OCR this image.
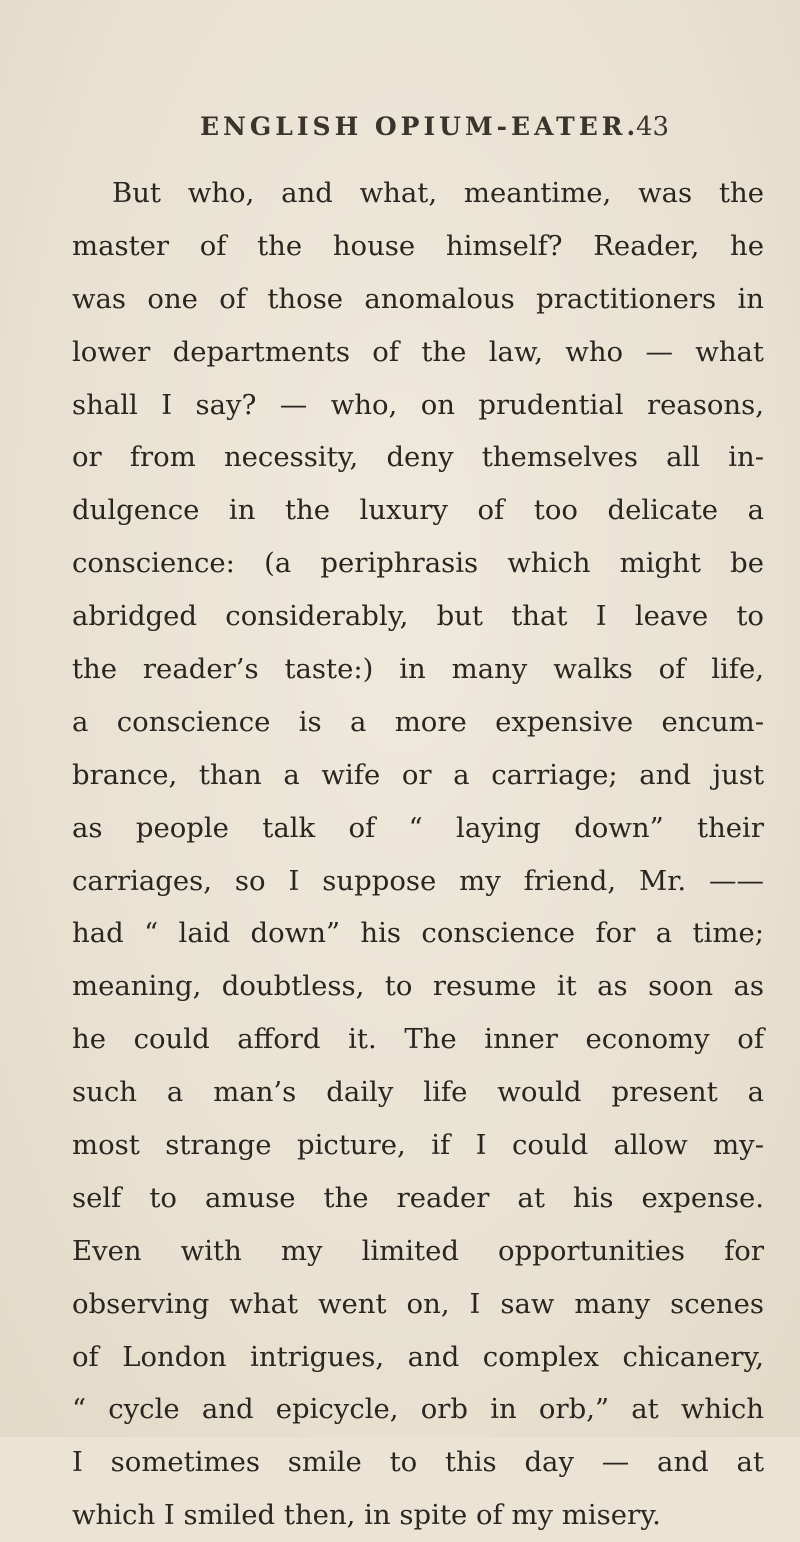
ENGLISH OPIUM-EATER.
43
But who, and what, meantime, was the
master of the house himself? Reader, he
was one of those anomalous practitioners in
lower departments of the law, who — what
shall I say? — who, on prudential reasons,
or from necessity, deny themselves all in-
dulgence in the luxury of too delicate a
conscience: (a periphrasis which might be
abridged considerably, but that I leave to
the reader’s taste:) in many walks of life,
a conscience is a more expensive encum-
brance, than a wife or a carriage; and just
as people talk of “ laying down” their
carriages, so I suppose my friend, Mr. ——
had “ laid down” his conscience for a time;
meaning, doubtless, to resume it as soon as
he could afford it. The inner economy of
such a man’s daily life would present a
most strange picture, if I could allow my-
self to amuse the reader at his expense.
Even with my limited opportunities for
observing what went on, I saw many scenes
of London intrigues, and complex chicanery,
“ cycle and epicycle, orb in orb,” at which
I sometimes smile to this day — and at
which I smiled then, in spite of my misery.
